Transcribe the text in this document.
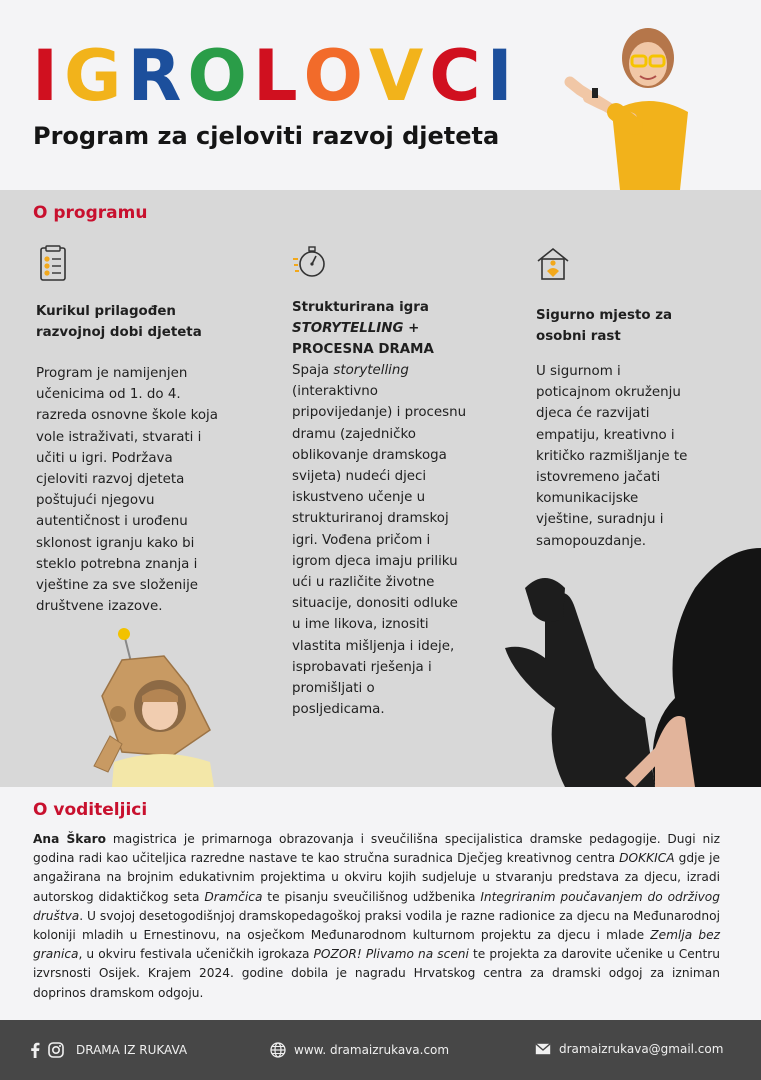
IGROLOVCI
Program za cjeloviti razvoj djeteta
O programu
Kurikul prilagođen razvojnoj dobi djeteta

Program je namijenjen učenicima od 1. do 4. razreda osnovne škole koja vole istraživati, stvarati i učiti u igri. Podržava cjeloviti razvoj djeteta poštujući njegovu autentičnost i urođenu sklonost igranju kako bi steklo potrebna znanja i vještine za sve složenije društvene izazove.

Strukturirana igra
STORYTELLING +
PROCESNA DRAMA

Spaja storytelling (interaktivno pripovijedanje) i procesnu dramu (zajedničko oblikovanje dramskoga svijeta) nudeći djeci iskustveno učenje u strukturiranoj dramskoj igri. Vođena pričom i igrom djeca imaju priliku ući u različite životne situacije, donositi odluke u ime likova, iznositi vlastita mišljenja i ideje, isprobavati rješenja i promišljati o posljedicama.

Sigurno mjesto za osobni rast

U sigurnom i poticajnom okruženju djeca će razvijati empatiju, kreativno i kritičko razmišljanje te istovremeno jačati komunikacijske vještine, suradnju i samopouzdanje.

O voditeljici
Ana Škaro magistrica je primarnoga obrazovanja i sveučilišna specijalistica dramske pedagogije. Dugi niz godina radi kao učiteljica razredne nastave te kao stručna suradnica Dječjeg kreativnog centra DOKKICA gdje je angažirana na brojnim edukativnim projektima u okviru kojih sudjeluje u stvaranju predstava za djecu, izradi autorskog didaktičkog seta Dramčica te pisanju sveučilišnog udžbenika Integriranim poučavanjem do održivog društva. U svojoj desetogodišnjoj dramskopedagoškoj praksi vodila je razne radionice za djecu na Međunarodnoj koloniji mladih u Ernestinovu, na osječkom Međunarodnom kulturnom projektu za djecu i mlade Zemlja bez granica, u okviru festivala učeničkih igrokaza POZOR! Plivamo na sceni te projekta za darovite učenike u Centru izvrsnosti Osijek. Krajem 2024. godine dobila je nagradu Hrvatskog centra za dramski odgoj za izniman doprinos dramskom odgoju.
DRAMA IZ RUKAVA	www. dramaizrukava.com	dramaizrukava@gmail.com
